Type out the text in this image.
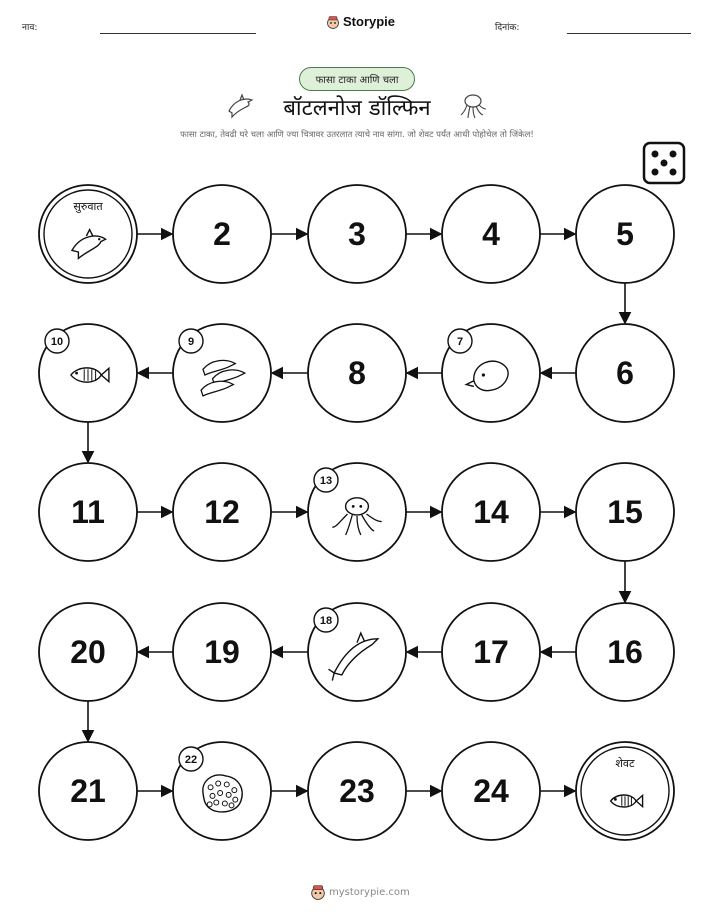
नाव:	Storypie	दिनांक:
फासा टाका आणि चला
बॉटलनोज डॉल्फिन
फासा टाका, तेवढी घरे चला आणि ज्या चित्रावर उतरलात त्याचे नाव सांगा. जो शेवट पर्यंत आधी पोहोचेल तो जिंकेल!
सुरुवात
2	3	4	5
6
7
8
9
10
11	12
13
14	15
16
17
18
19
20
21
22
23	24
शेवट
mystorypie.com
